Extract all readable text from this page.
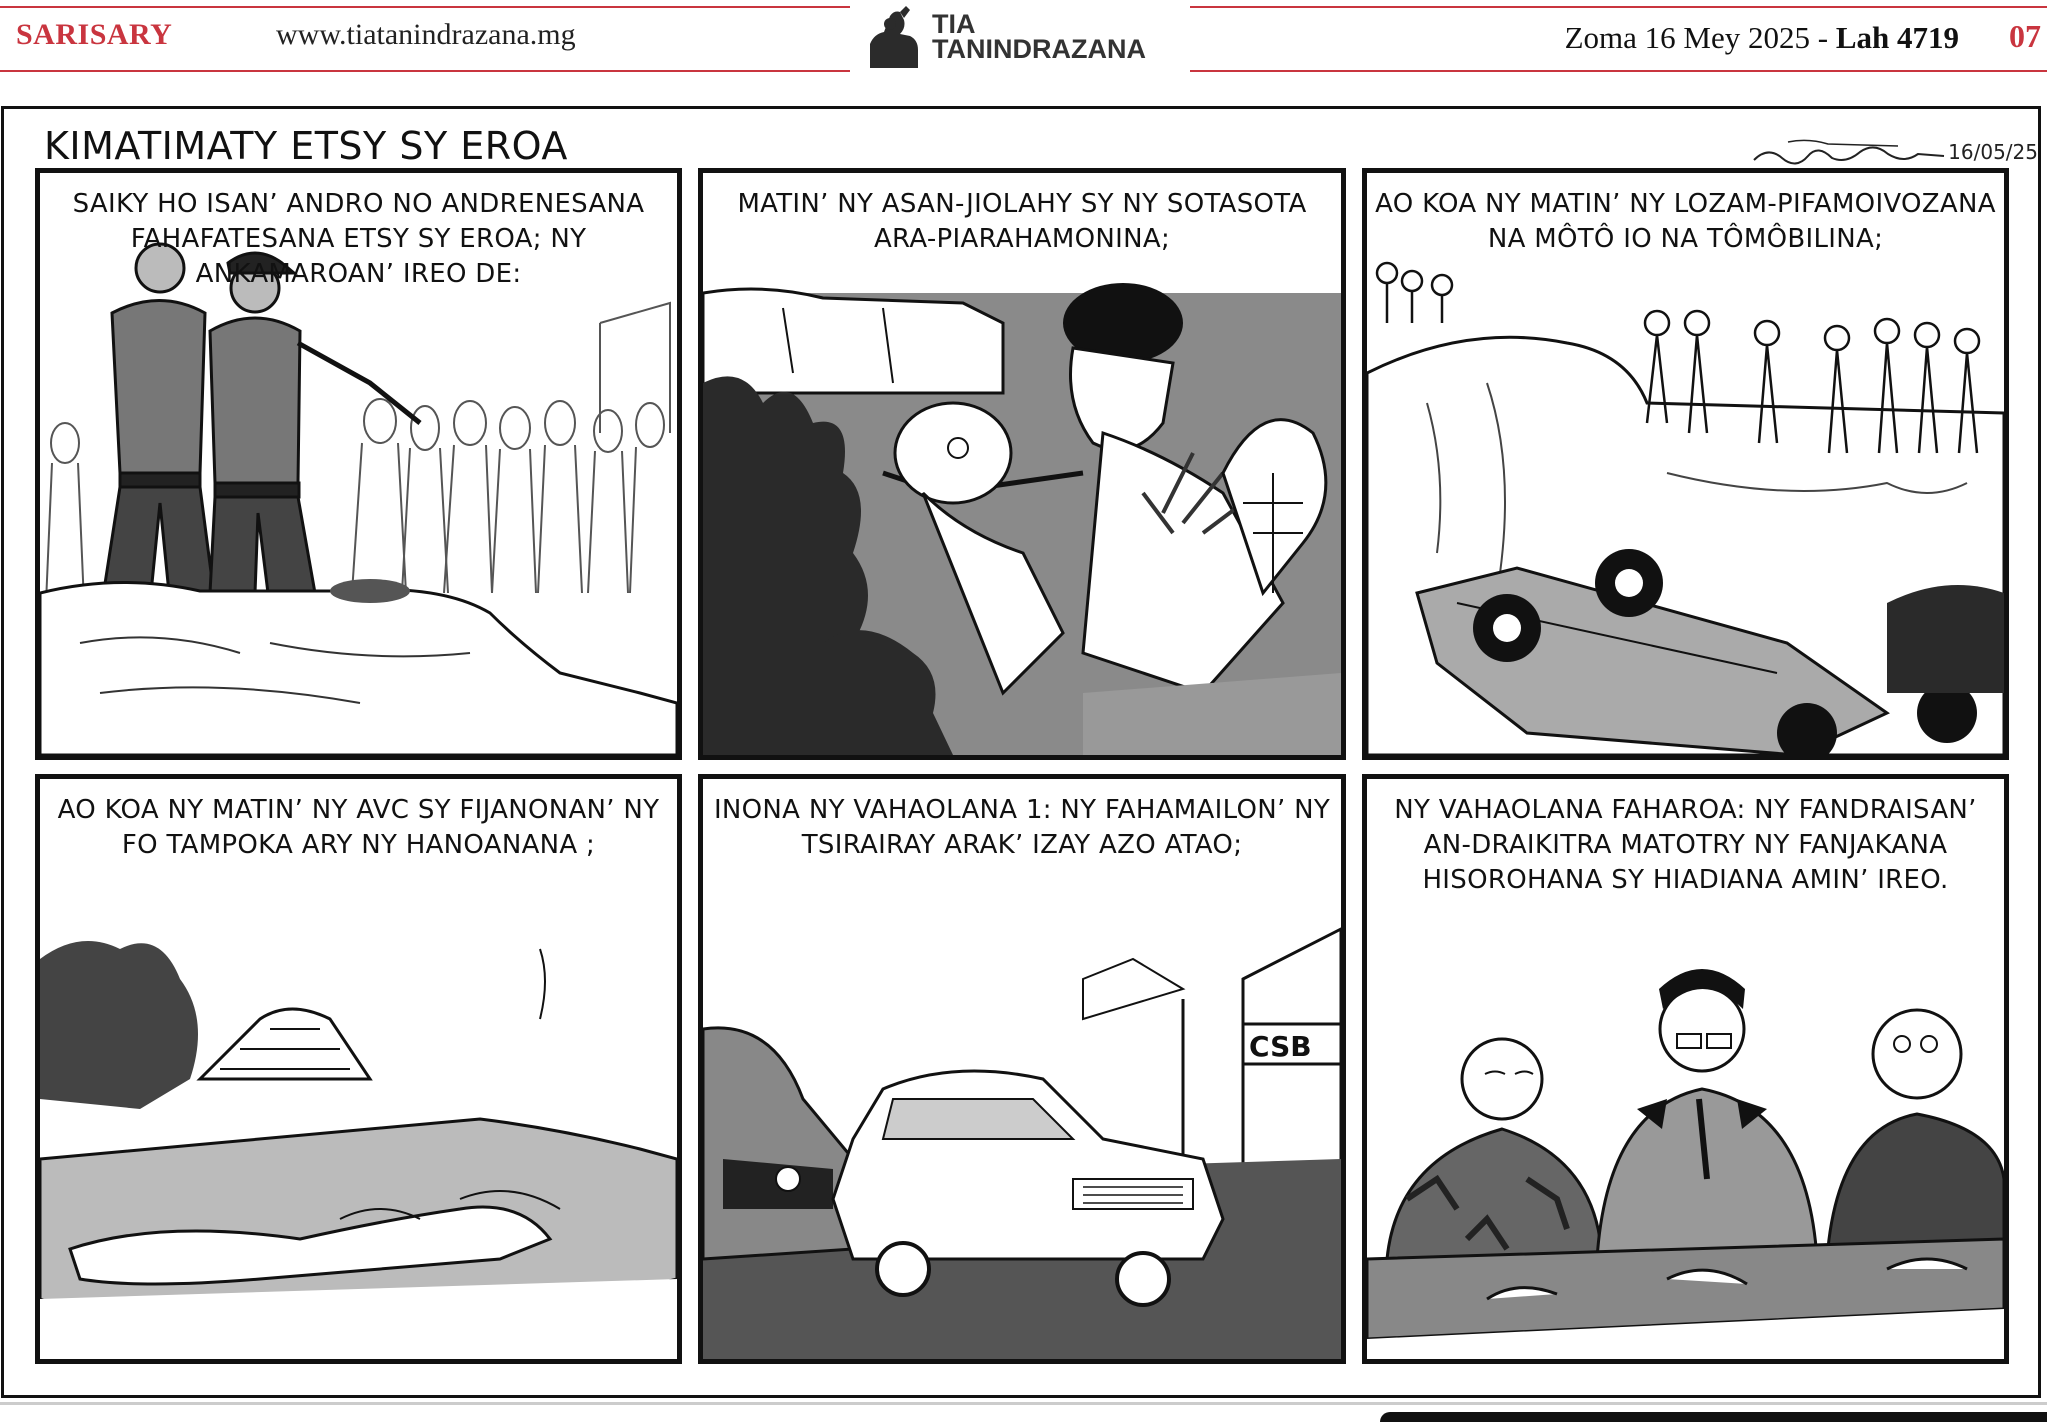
SARISARY	www.tiatanindrazana.mg	TIA
TANINDRAZANA	Zoma 16 Mey 2025 - Lah 4719 07
KIMATIMATY ETSY SY EROA	16/05/25
SAIKY HO ISAN’ ANDRO NO ANDRENESANA FAHAFATESANA ETSY SY EROA; NY ANKAMAROAN’ IREO DE:
MATIN’ NY ASAN-JIOLAHY SY NY SOTASOTA ARA-PIARAHAMONINA;
AO KOA NY MATIN’ NY LOZAM-PIFAMOIVOZANA NA MÔTÔ IO NA TÔMÔBILINA;
AO KOA NY MATIN’ NY AVC SY FIJANONAN’ NY FO TAMPOKA ARY NY HANOANANA ;
CSB
INONA NY VAHAOLANA 1: NY FAHAMAILON’ NY TSIRAIRAY ARAK’ IZAY AZO ATAO;
NY VAHAOLANA FAHAROA: NY FANDRAISAN’ AN-DRAIKITRA MATOTRY NY FANJAKANA HISOROHANA SY HIADIANA AMIN’ IREO.
